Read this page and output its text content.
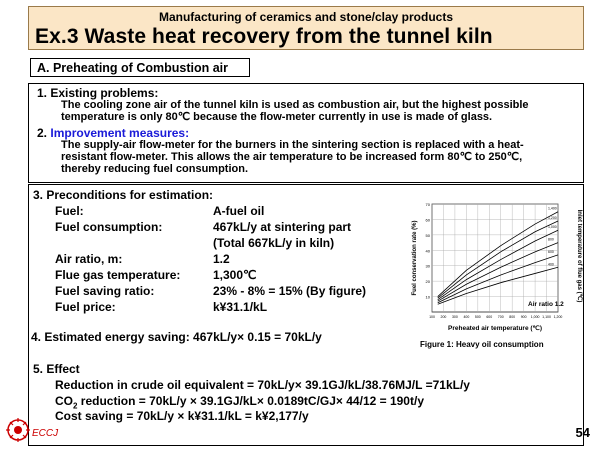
Manufacturing of ceramics and stone/clay products
Ex.3 Waste heat recovery from the tunnel kiln
A. Preheating of Combustion air
1. Existing problems:
The cooling zone air of the tunnel kiln is used as combustion air, but the highest possible
temperature is only 80℃ because the flow-meter currently in use is made of glass.
2. Improvement measures:
The supply-air flow-meter for the burners in the sintering section is replaced with a heat-
resistant flow-meter. This allows the air temperature to be increased form 80℃ to 250℃,
thereby reducing fuel consumption.
3. Preconditions for estimation:
Fuel:	A-fuel oil
Fuel consumption:	467kL/y at sintering part
(Total 667kL/y in kiln)
Air ratio, m:	1.2
Flue gas temperature:	1,300℃
Fuel saving ratio:	23% - 8% = 15% (By figure)
Fuel price:	k¥31.1/kL
4. Estimated energy saving: 467kL/y× 0.15 = 70kL/y
5. Effect
Reduction in crude oil equivalent = 70kL/y× 39.1GJ/kL/38.76MJ/L =71kL/y
$CO_2$ reduction = 70kL/y × 39.1GJ/kL× 0.0189tC/GJ× 44/12 = 190t/y
Cost saving = 70kL/y × k¥31.1/kL = k¥2,177/y
1,400
1,200
1,000
800
600
400
10
20
30
40
50
60
70
100 200 300 400 500 600 700 800 900 1,000 1,100 1,200
Fuel conservation rate (%)
Preheated air temperature (℃)
Inlet temperature of flue gas (℃)
Air ratio 1.2
Figure 1: Heavy oil consumption
ECCJ	54
